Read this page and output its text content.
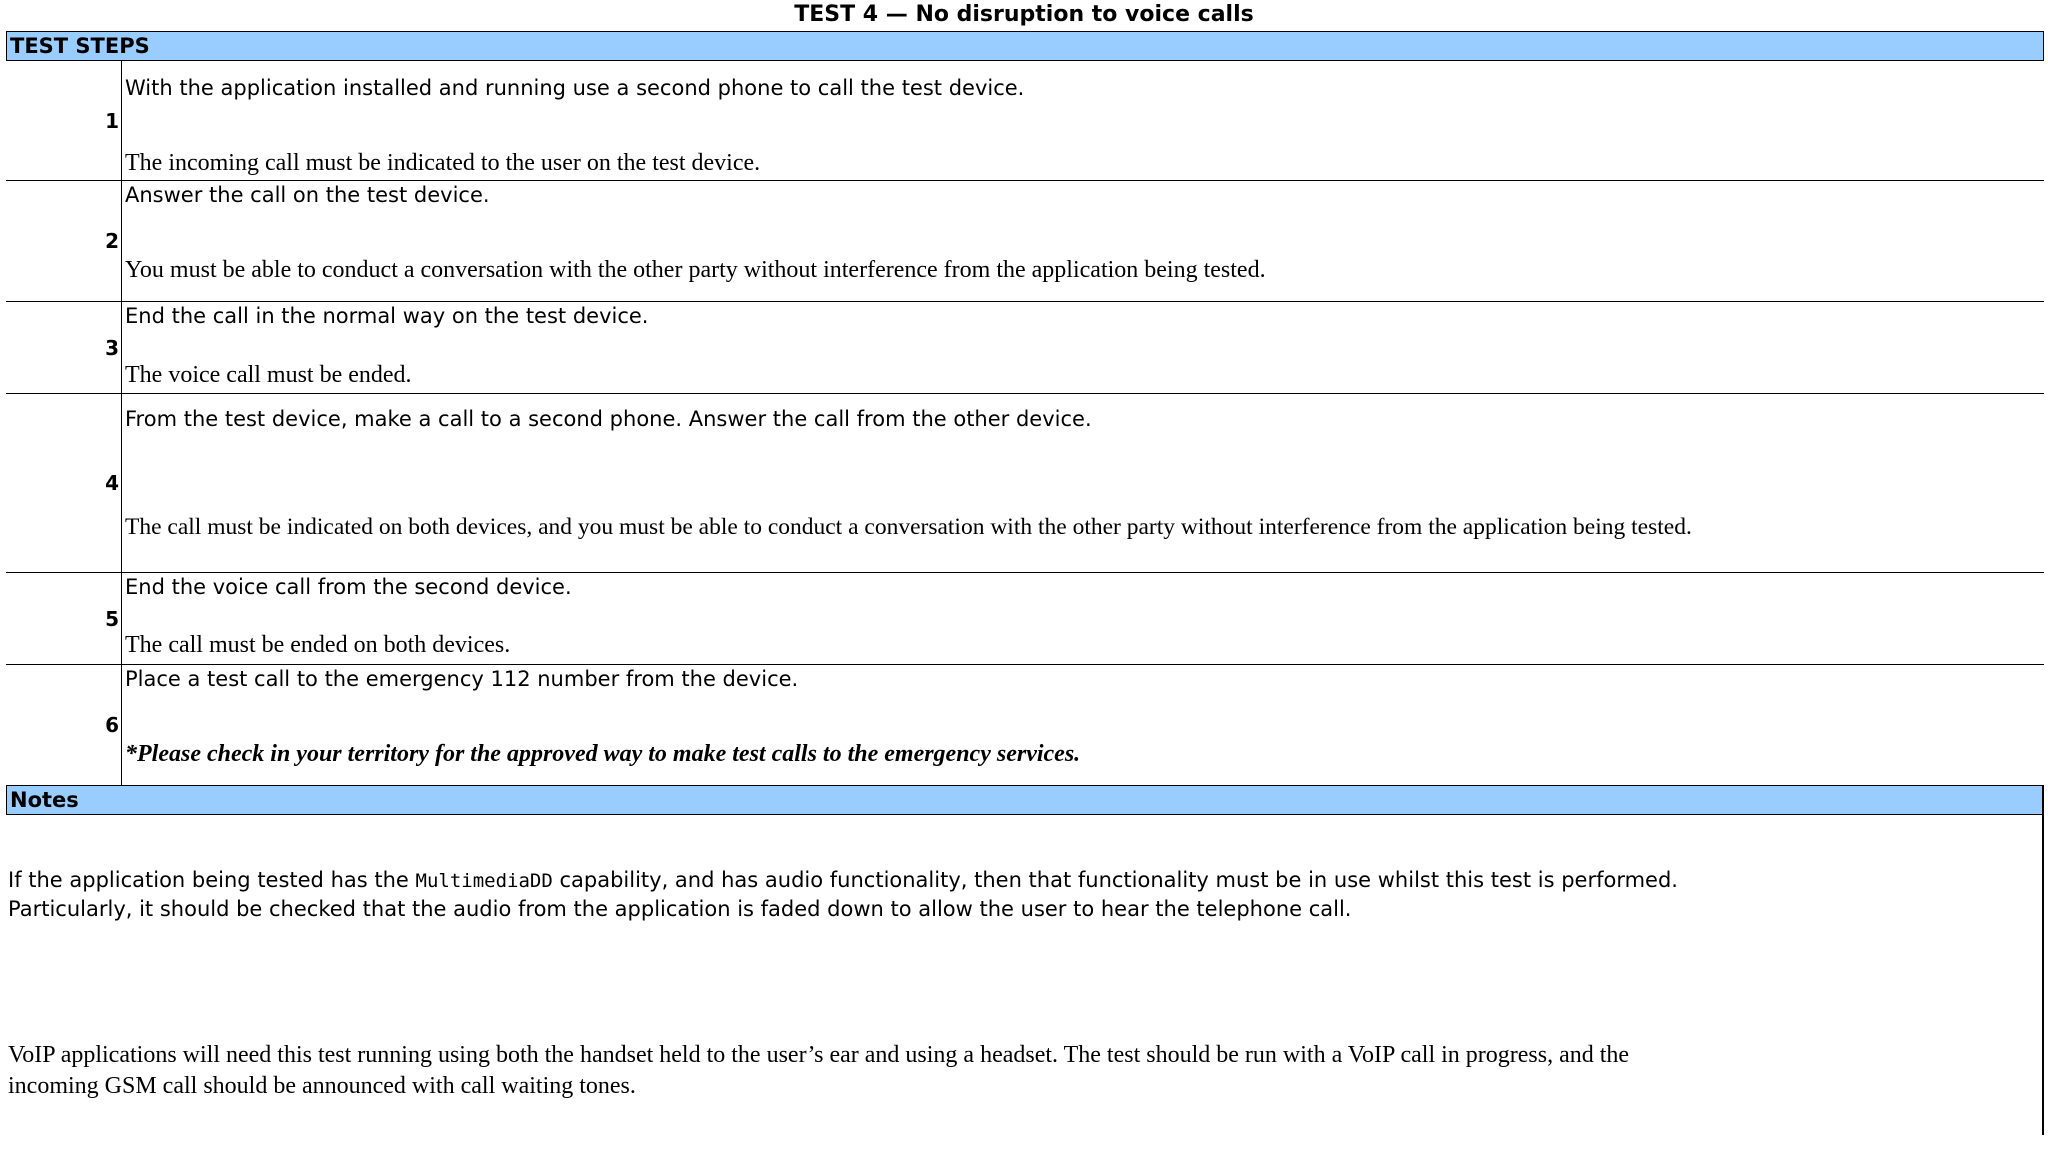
TEST 4 — No disruption to voice calls
TEST STEPS
1
With the application installed and running use a second phone to call the test device.
The incoming call must be indicated to the user on the test device.
2
Answer the call on the test device.
You must be able to conduct a conversation with the other party without interference from the application being tested.
3
End the call in the normal way on the test device.
The voice call must be ended.
4
From the test device, make a call to a second phone. Answer the call from the other device.
The call must be indicated on both devices, and you must be able to conduct a conversation with the other party without interference from the application being tested.
5
End the voice call from the second device.
The call must be ended on both devices.
6
Place a test call to the emergency 112 number from the device.
*Please check in your territory for the approved way to make test calls to the emergency services.
Notes
If the application being tested has the MultimediaDD capability, and has audio functionality, then that functionality must be in use whilst this test is performed.
Particularly, it should be checked that the audio from the application is faded down to allow the user to hear the telephone call.
VoIP applications will need this test running using both the handset held to the user’s ear and using a headset. The test should be run with a VoIP call in progress, and the
incoming GSM call should be announced with call waiting tones.
